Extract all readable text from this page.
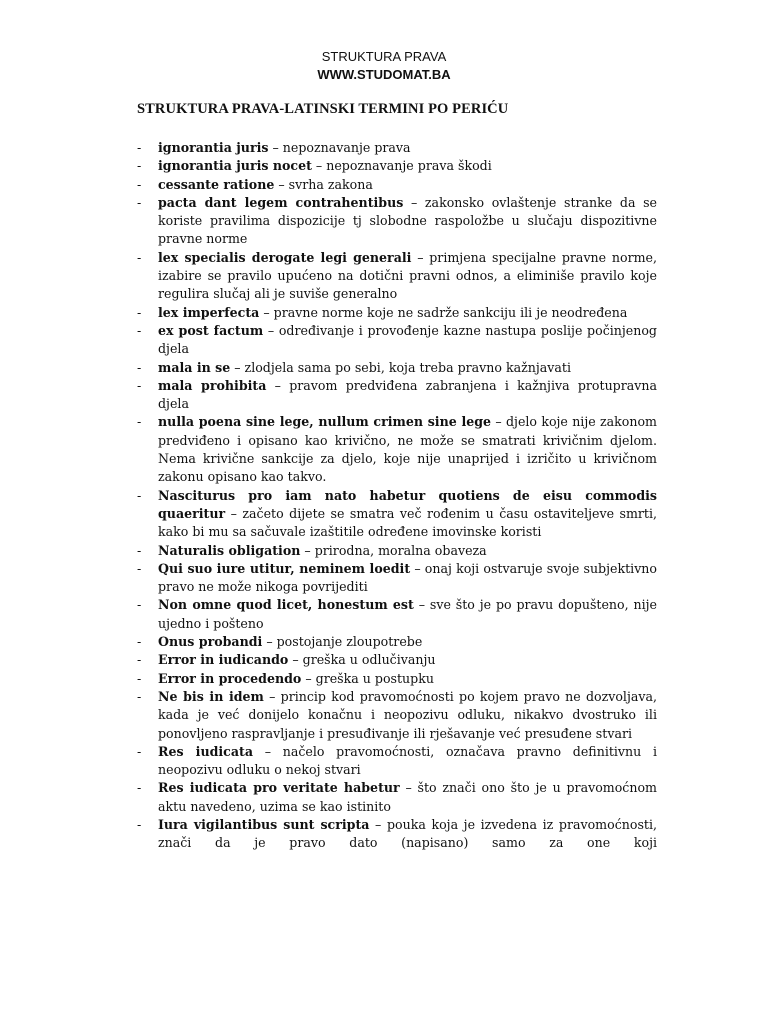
STRUKTURA PRAVA
WWW.STUDOMAT.BA
STRUKTURA PRAVA-LATINSKI TERMINI PO PERIĆU
- ignorantia juris – nepoznavanje prava
- ignorantia juris nocet – nepoznavanje prava škodi
- cessante ratione – svrha zakona
- pacta dant legem contrahentibus – zakonsko ovlaštenje stranke da se koriste pravilima dispozicije tj slobodne raspoložbe u slučaju dispozitivne pravne norme
- lex specialis derogate legi generali – primjena specijalne pravne norme, izabire se pravilo upućeno na dotični pravni odnos, a eliminiše pravilo koje regulira slučaj ali je suviše generalno
- lex imperfecta – pravne norme koje ne sadrže sankciju ili je neodređena
- ex post factum – određivanje i provođenje kazne nastupa poslije počinjenog djela
- mala in se – zlodjela sama po sebi, koja treba pravno kažnjavati
- mala prohibita – pravom predviđena zabranjena i kažnjiva protupravna djela
- nulla poena sine lege, nullum crimen sine lege – djelo koje nije zakonom predviđeno i opisano kao krivično, ne može se smatrati krivičnim djelom. Nema krivične sankcije za djelo, koje nije unaprijed i izričito u krivičnom zakonu opisano kao takvo.
- Nasciturus pro iam nato habetur quotiens de eisu commodis quaeritur – začeto dijete se smatra več rođenim u času ostaviteljeve smrti, kako bi mu sa sačuvale izaštitile određene imovinske koristi
- Naturalis obligation – prirodna, moralna obaveza
- Qui suo iure utitur, neminem loedit – onaj koji ostvaruje svoje subjektivno pravo ne može nikoga povrijediti
- Non omne quod licet, honestum est – sve što je po pravu dopušteno, nije ujedno i pošteno
- Onus probandi – postojanje zloupotrebe
- Error in iudicando – greška u odlučivanju
- Error in procedendo – greška u postupku
- Ne bis in idem – princip kod pravomoćnosti po kojem pravo ne dozvoljava, kada je već donijelo konačnu i neopozivu odluku, nikakvo dvostruko ili ponovljeno raspravljanje i presuđivanje ili rješavanje već presuđene stvari
- Res iudicata – načelo pravomoćnosti, označava pravno definitivnu i neopozivu odluku o nekoj stvari
- Res iudicata pro veritate habetur – što znači ono što je u pravomoćnom aktu navedeno, uzima se kao istinito
- Iura vigilantibus sunt scripta – pouka koja je izvedena iz pravomoćnosti, znači da je pravo dato (napisano) samo za one koji
